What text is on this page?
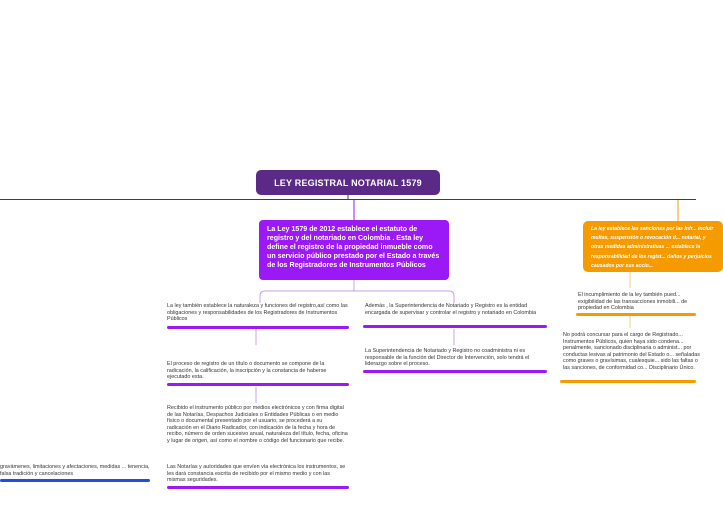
LEY REGISTRAL NOTARIAL 1579
La Ley 1579 de 2012 establece el estatuto de registro y del notariado en Colombia . Esta ley define el registro de la propiedad inmueble como un servicio público prestado por el Estado a través de los Registradores de Instrumentos Públicos

La ley también establece la naturaleza y funciones del registro,así como las obligaciones y responsabilidades de los Registradores de Instrumentos Públicos

El proceso de registro de un título o documento se compone de la radicación, la calificación, la inscripción y la constancia de haberse ejecutado esta.

Recibido el instrumento público por medios electrónicos y con firma digital de las Notarías, Despachos Judiciales o Entidades Públicas o en medio físico o documental presentado por el usuario, se procederá a su radicación en el Diario Radicador, con indicación de la fecha y hora de recibo, número de orden sucesivo anual, naturaleza del título, fecha, oficina y lugar de origen, así como el nombre o código del funcionario que recibe.

Las Notarías y autoridades que envíen vía electrónica los instrumentos, se les dará constancia escrita de recibido por el mismo medio y con las mismas seguridades.

Además , la Superintendencia de Notariado y Registro es la entidad encargada de supervisar y controlar el registro y notariado en Colombia

La Superintendencia de Notariado y Registro no coadministra ni es responsable de la función del Director de Intervención, solo tendrá el liderazgo sobre el proceso.

gravámenes, limitaciones y afectaciones, medidas ... tenencia, falsa tradición y cancelaciones

La ley establece las sanciones por las Infr... incluir multas, suspensión o revocación d... notarial, y otras medidas administrativas ... establece la responsabilidad de los regist... daños y perjuicios causados por sus accio...

El incumplimiento de la ley también pued... exigibilidad de las transacciones inmobili... de propiedad en Colombia

No podrá concursar para el cargo de Registrado... Instrumentos Públicos, quien haya sido condena... penalmente, sancionado disciplinaria o administ... por conductas lesivas al patrimonio del Estado o... señaladas como graves o gravísimas, cualesquie... sido las faltas o las sanciones, de conformidad co... Disciplinario Único.
